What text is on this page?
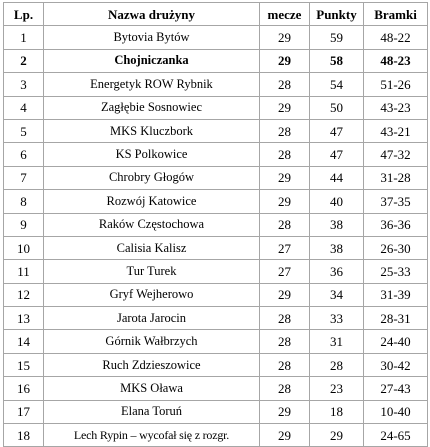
Lp.	Nazwa drużyny	mecze	Punkty	Bramki
1	Bytovia Bytów	29	59	48-22
2	Chojniczanka	29	58	48-23
3	Energetyk ROW Rybnik	28	54	51-26
4	Zagłębie Sosnowiec	29	50	43-23
5	MKS Kluczbork	28	47	43-21
6	KS Polkowice	28	47	47-32
7	Chrobry Głogów	29	44	31-28
8	Rozwój Katowice	29	40	37-35
9	Raków Częstochowa	28	38	36-36
10	Calisia Kalisz	27	38	26-30
11	Tur Turek	27	36	25-33
12	Gryf Wejherowo	29	34	31-39
13	Jarota Jarocin	28	33	28-31
14	Górnik Wałbrzych	28	31	24-40
15	Ruch Zdzieszowice	28	28	30-42
16	MKS Oława	28	23	27-43
17	Elana Toruń	29	18	10-40
18	Lech Rypin – wycofał się z rozgr.	29	29	24-65
